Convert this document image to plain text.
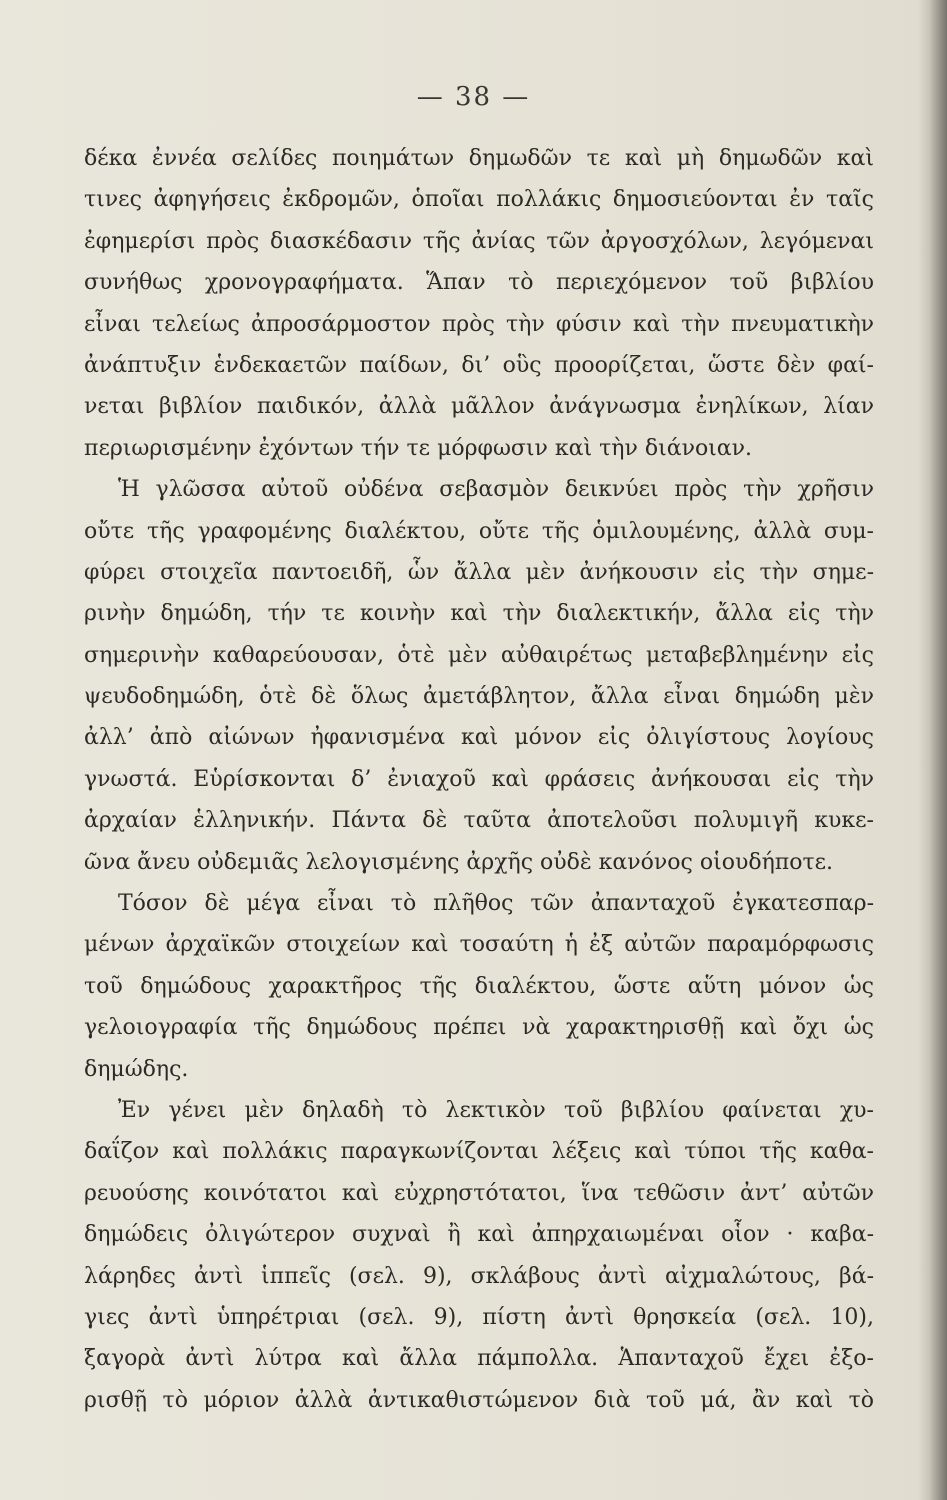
— 38 —
δέκα ἐννέα σελίδες ποιημάτων δημωδῶν τε καὶ μὴ δημωδῶν καὶ
τινες ἀφηγήσεις ἐκδρομῶν, ὁποῖαι πολλάκις δημοσιεύονται ἐν ταῖς
ἐφημερίσι πρὸς διασκέδασιν τῆς ἀνίας τῶν ἀργοσχόλων, λεγόμεναι
συνήθως χρονογραφήματα. Ἅπαν τὸ περιεχόμενον τοῦ βιβλίου
εἶναι τελείως ἀπροσάρμοστον πρὸς τὴν φύσιν καὶ τὴν πνευματικὴν
ἀνάπτυξιν ἑνδεκαετῶν παίδων, δι’ οὓς προορίζεται, ὥστε δὲν φαί-
νεται βιβλίον παιδικόν, ἀλλὰ μᾶλλον ἀνάγνωσμα ἐνηλίκων, λίαν
περιωρισμένην ἐχόντων τήν τε μόρφωσιν καὶ τὴν διάνοιαν.
Ἡ γλῶσσα αὐτοῦ οὐδένα σεβασμὸν δεικνύει πρὸς τὴν χρῆσιν
οὔτε τῆς γραφομένης διαλέκτου, οὔτε τῆς ὁμιλουμένης, ἀλλὰ συμ-
φύρει στοιχεῖα παντοειδῆ, ὧν ἄλλα μὲν ἀνήκουσιν εἰς τὴν σημε-
ρινὴν δημώδη, τήν τε κοινὴν καὶ τὴν διαλεκτικήν, ἄλλα εἰς τὴν
σημερινὴν καθαρεύουσαν, ὁτὲ μὲν αὐθαιρέτως μεταβεβλημένην εἰς
ψευδοδημώδη, ὁτὲ δὲ ὅλως ἀμετάβλητον, ἄλλα εἶναι δημώδη μὲν
ἀλλ’ ἀπὸ αἰώνων ἠφανισμένα καὶ μόνον εἰς ὀλιγίστους λογίους
γνωστά. Εὑρίσκονται δ’ ἐνιαχοῦ καὶ φράσεις ἀνήκουσαι εἰς τὴν
ἀρχαίαν ἑλληνικήν. Πάντα δὲ ταῦτα ἀποτελοῦσι πολυμιγῆ κυκε-
ῶνα ἄνευ οὐδεμιᾶς λελογισμένης ἀρχῆς οὐδὲ κανόνος οἱουδήποτε.
Τόσον δὲ μέγα εἶναι τὸ πλῆθος τῶν ἀπανταχοῦ ἐγκατεσπαρ-
μένων ἀρχαϊκῶν στοιχείων καὶ τοσαύτη ἡ ἐξ αὐτῶν παραμόρφωσις
τοῦ δημώδους χαρακτῆρος τῆς διαλέκτου, ὥστε αὕτη μόνον ὡς
γελοιογραφία τῆς δημώδους πρέπει νὰ χαρακτηρισθῇ καὶ ὄχι ὡς
δημώδης.
Ἐν γένει μὲν δηλαδὴ τὸ λεκτικὸν τοῦ βιβλίου φαίνεται χυ-
δαΐζον καὶ πολλάκις παραγκωνίζονται λέξεις καὶ τύποι τῆς καθα-
ρευούσης κοινότατοι καὶ εὐχρηστότατοι, ἵνα τεθῶσιν ἀντ’ αὐτῶν
δημώδεις ὀλιγώτερον συχναὶ ἢ καὶ ἀπηρχαιωμέναι οἷον · καβα-
λάρηδες ἀντὶ ἱππεῖς (σελ. 9), σκλάβους ἀντὶ αἰχμαλώτους, βά-
γιες ἀντὶ ὑπηρέτριαι (σελ. 9), πίστη ἀντὶ θρησκεία (σελ. 10),
ξαγορὰ ἀντὶ λύτρα καὶ ἄλλα πάμπολλα. Ἁπανταχοῦ ἔχει ἐξο-
ρισθῇ τὸ μόριον ἀλλὰ ἀντικαθιστώμενον διὰ τοῦ μά, ἂν καὶ τὸ
